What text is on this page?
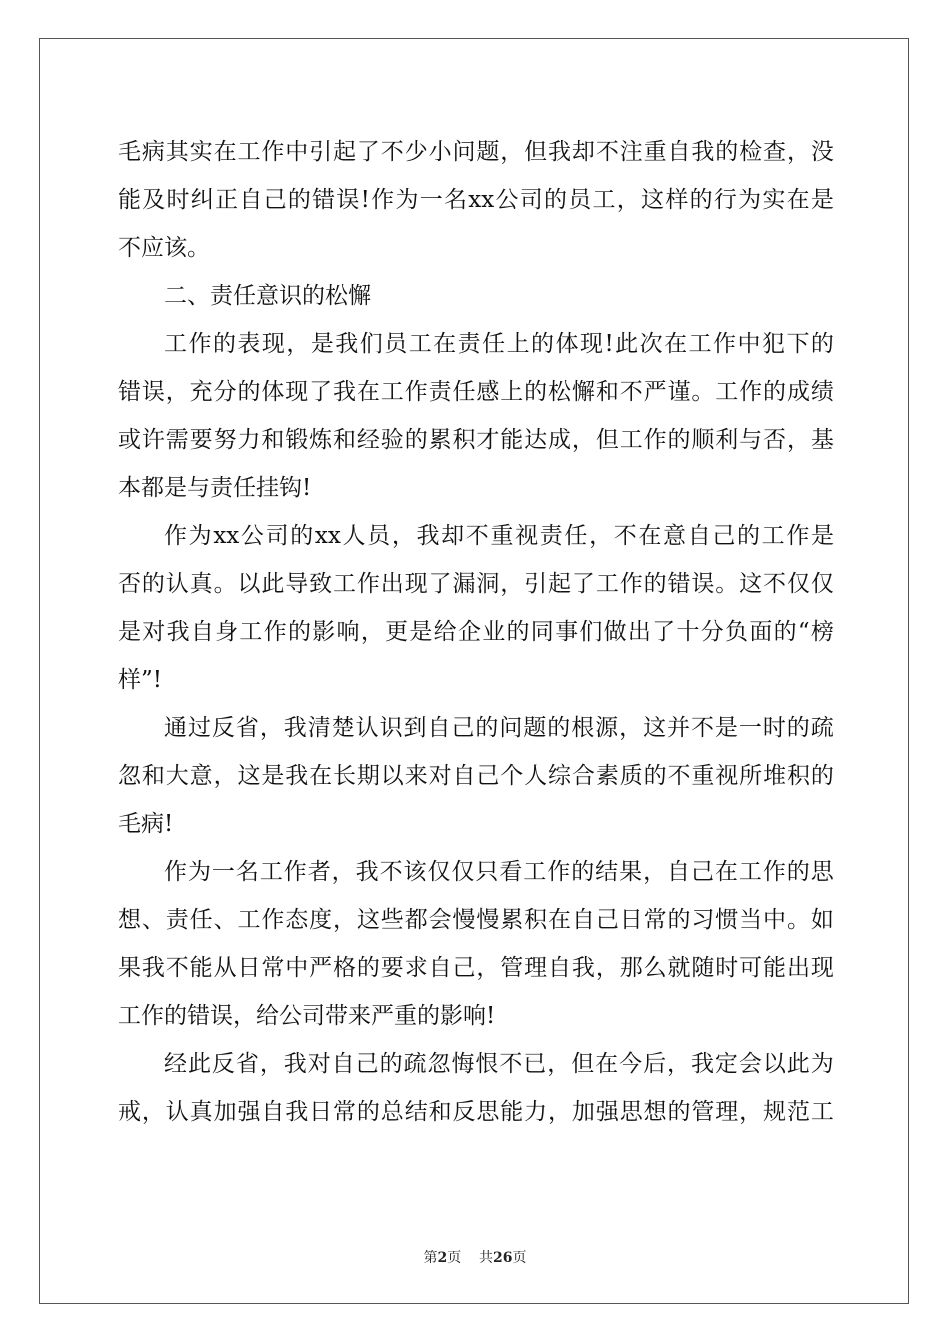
毛 病 其 实 在 工 作 中 引 起 了 不 少 小 问 题 ， 但 我 却 不 注 重 自 我 的 检 查 ， 没
能 及 时 纠 正 自 己 的 错 误 ! 作 为 一 名 xx 公 司 的 员 工 ， 这 样 的 行 为 实 在 是
不应该。
二、责任意识的松懈
工 作 的 表 现 ， 是 我 们 员 工 在 责 任 上 的 体 现 ! 此 次 在 工 作 中 犯 下 的
错 误 ， 充 分 的 体 现 了 我 在 工 作 责 任 感 上 的 松 懈 和 不 严 谨 。 工 作 的 成 绩
或 许 需 要 努 力 和 锻 炼 和 经 验 的 累 积 才 能 达 成 ， 但 工 作 的 顺 利 与 否 ， 基
本都是与责任挂钩!
作 为 xx 公 司 的 xx 人 员 ， 我 却 不 重 视 责 任 ， 不 在 意 自 己 的 工 作 是
否 的 认 真 。 以 此 导 致 工 作 出 现 了 漏 洞 ， 引 起 了 工 作 的 错 误 。 这 不 仅 仅
是 对 我 自 身 工 作 的 影 响 ， 更 是 给 企 业 的 同 事 们 做 出 了 十 分 负 面 的 “ 榜
样”!
通 过 反 省 ， 我 清 楚 认 识 到 自 己 的 问 题 的 根 源 ， 这 并 不 是 一 时 的 疏
忽 和 大 意 ， 这 是 我 在 长 期 以 来 对 自 己 个 人 综 合 素 质 的 不 重 视 所 堆 积 的
毛病!
作 为 一 名 工 作 者 ， 我 不 该 仅 仅 只 看 工 作 的 结 果 ， 自 己 在 工 作 的 思
想 、 责 任 、 工 作 态 度 ， 这 些 都 会 慢 慢 累 积 在 自 己 日 常 的 习 惯 当 中 。 如
果 我 不 能 从 日 常 中 严 格 的 要 求 自 己 ， 管 理 自 我 ， 那 么 就 随 时 可 能 出 现
工作的错误，给公司带来严重的影响!
经 此 反 省 ， 我 对 自 己 的 疏 忽 悔 恨 不 已 ， 但 在 今 后 ， 我 定 会 以 此 为
戒 ， 认 真 加 强 自 我 日 常 的 总 结 和 反 思 能 力 ， 加 强 思 想 的 管 理 ， 规 范 工
第2页 共26页
